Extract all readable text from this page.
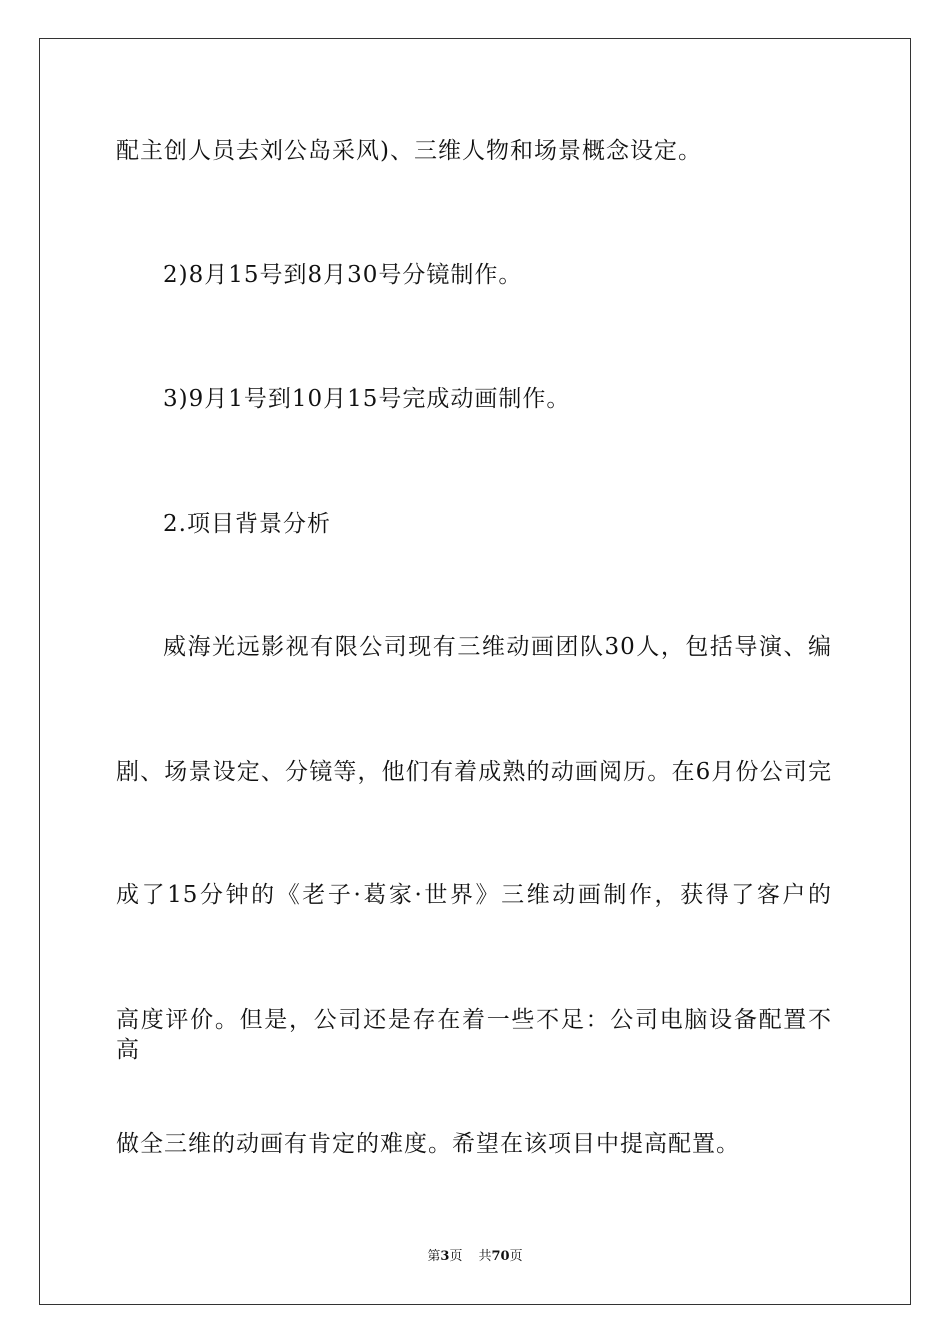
配主创人员去刘公岛采风)、三维人物和场景概念设定。
2)8月15号到8月30号分镜制作。
3)9月1号到10月15号完成动画制作。
2.项目背景分析
威海光远影视有限公司现有三维动画团队30人，包括导演、编
剧、场景设定、分镜等，他们有着成熟的动画阅历。在6月份公司完
成了15分钟的《老子·葛家·世界》三维动画制作，获得了客户的
高度评价。但是，公司还是存在着一些不足：公司电脑设备配置不高
做全三维的动画有肯定的难度。希望在该项目中提高配置。
第3页 共70页
